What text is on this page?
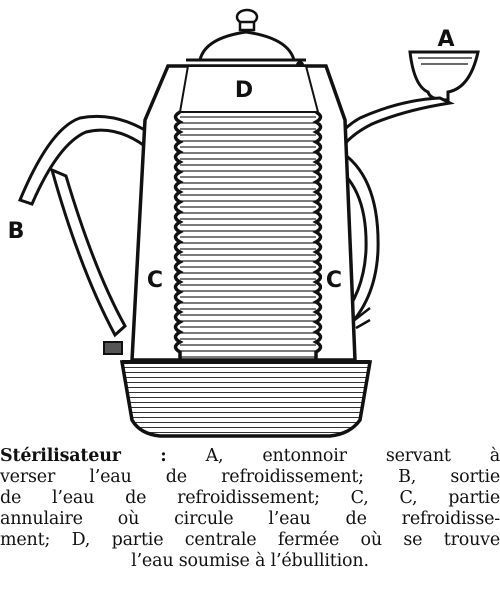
D
A
B
C	C

Stérilisateur : A, entonnoir servant à
verser l’eau de refroidissement; B, sortie
de l’eau de refroidissement; C, C, partie
annulaire où circule l’eau de refroidisse-
ment; D, partie centrale fermée où se trouve
l’eau soumise à l’ébullition.
